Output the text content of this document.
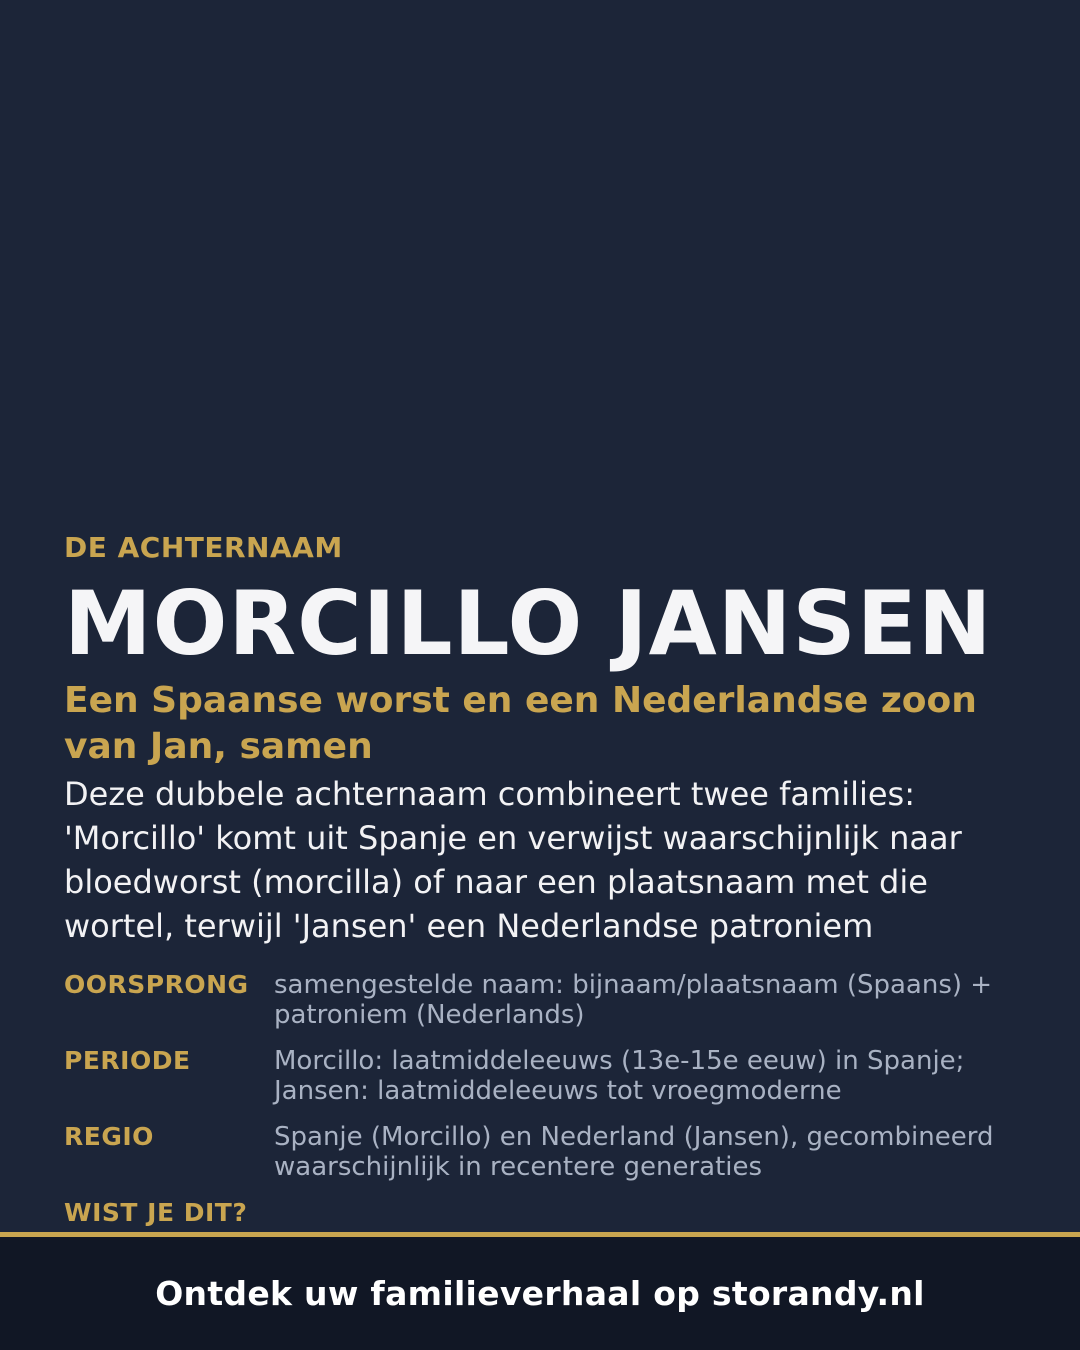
DE ACHTERNAAM
MORCILLO JANSEN
Een Spaanse worst en een Nederlandse zoon van Jan, samen
Deze dubbele achternaam combineert twee families: 'Morcillo' komt uit Spanje en verwijst waarschijnlijk naar bloedworst (morcilla) of naar een plaatsnaam met die wortel, terwijl 'Jansen' een Nederlandse patroniem
OORSPRONG samengestelde naam: bijnaam/plaatsnaam (Spaans) + patroniem (Nederlands)
PERIODE	Morcillo: laatmiddeleeuws (13e-15e eeuw) in Spanje; Jansen: laatmiddeleeuws tot vroegmoderne
REGIO	Spanje (Morcillo) en Nederland (Jansen), gecombineerd waarschijnlijk in recentere generaties
WIST JE DIT?
Ontdek uw familieverhaal op storandy.nl
